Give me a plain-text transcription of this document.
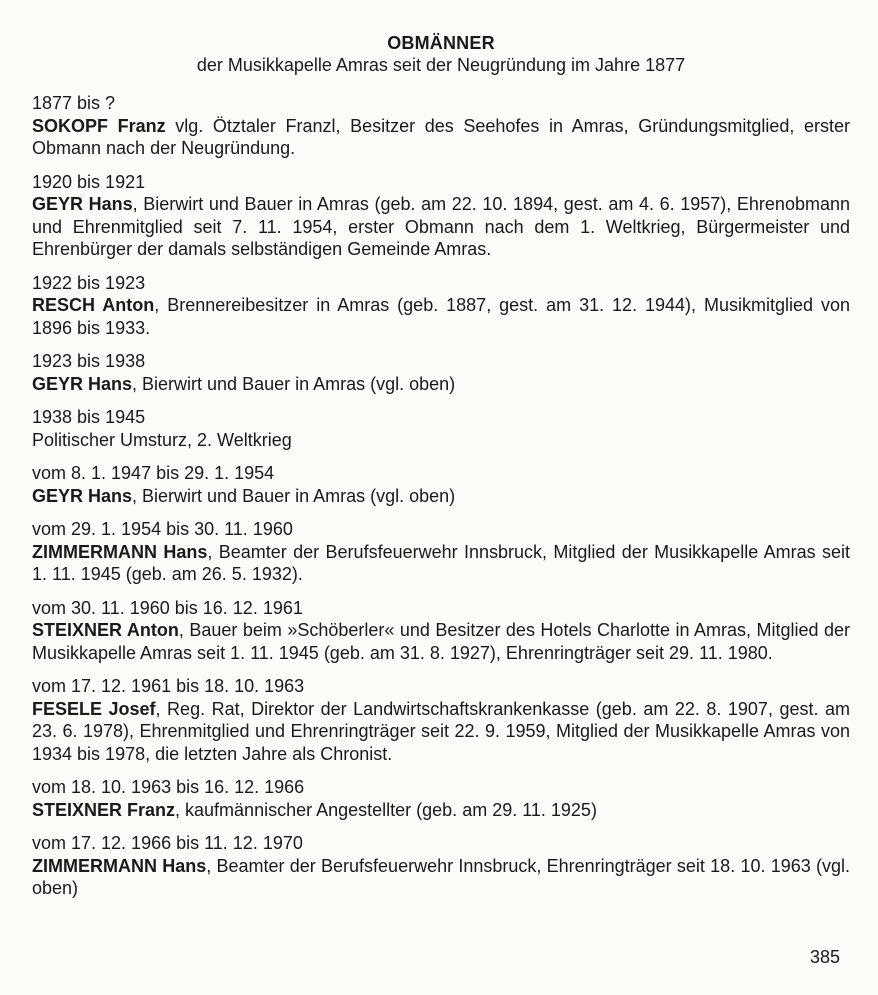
OBMÄNNER
der Musikkapelle Amras seit der Neugründung im Jahre 1877
1877 bis ?
SOKOPF Franz vlg. Ötztaler Franzl, Besitzer des Seehofes in Amras, Gründungsmitglied, erster Obmann nach der Neugründung.
1920 bis 1921
GEYR Hans, Bierwirt und Bauer in Amras (geb. am 22. 10. 1894, gest. am 4. 6. 1957), Ehrenobmann und Ehrenmitglied seit 7. 11. 1954, erster Obmann nach dem 1. Weltkrieg, Bürgermeister und Ehrenbürger der damals selbständigen Gemeinde Amras.
1922 bis 1923
RESCH Anton, Brennereibesitzer in Amras (geb. 1887, gest. am 31. 12. 1944), Musikmitglied von 1896 bis 1933.
1923 bis 1938
GEYR Hans, Bierwirt und Bauer in Amras (vgl. oben)
1938 bis 1945
Politischer Umsturz, 2. Weltkrieg
vom 8. 1. 1947 bis 29. 1. 1954
GEYR Hans, Bierwirt und Bauer in Amras (vgl. oben)
vom 29. 1. 1954 bis 30. 11. 1960
ZIMMERMANN Hans, Beamter der Berufsfeuerwehr Innsbruck, Mitglied der Musikkapelle Amras seit 1. 11. 1945 (geb. am 26. 5. 1932).
vom 30. 11. 1960 bis 16. 12. 1961
STEIXNER Anton, Bauer beim »Schöberler« und Besitzer des Hotels Charlotte in Amras, Mitglied der Musikkapelle Amras seit 1. 11. 1945 (geb. am 31. 8. 1927), Ehrenringträger seit 29. 11. 1980.
vom 17. 12. 1961 bis 18. 10. 1963
FESELE Josef, Reg. Rat, Direktor der Landwirtschaftskrankenkasse (geb. am 22. 8. 1907, gest. am 23. 6. 1978), Ehrenmitglied und Ehrenringträger seit 22. 9. 1959, Mitglied der Musikkapelle Amras von 1934 bis 1978, die letzten Jahre als Chronist.
vom 18. 10. 1963 bis 16. 12. 1966
STEIXNER Franz, kaufmännischer Angestellter (geb. am 29. 11. 1925)
vom 17. 12. 1966 bis 11. 12. 1970
ZIMMERMANN Hans, Beamter der Berufsfeuerwehr Innsbruck, Ehrenringträger seit 18. 10. 1963 (vgl. oben)
385
